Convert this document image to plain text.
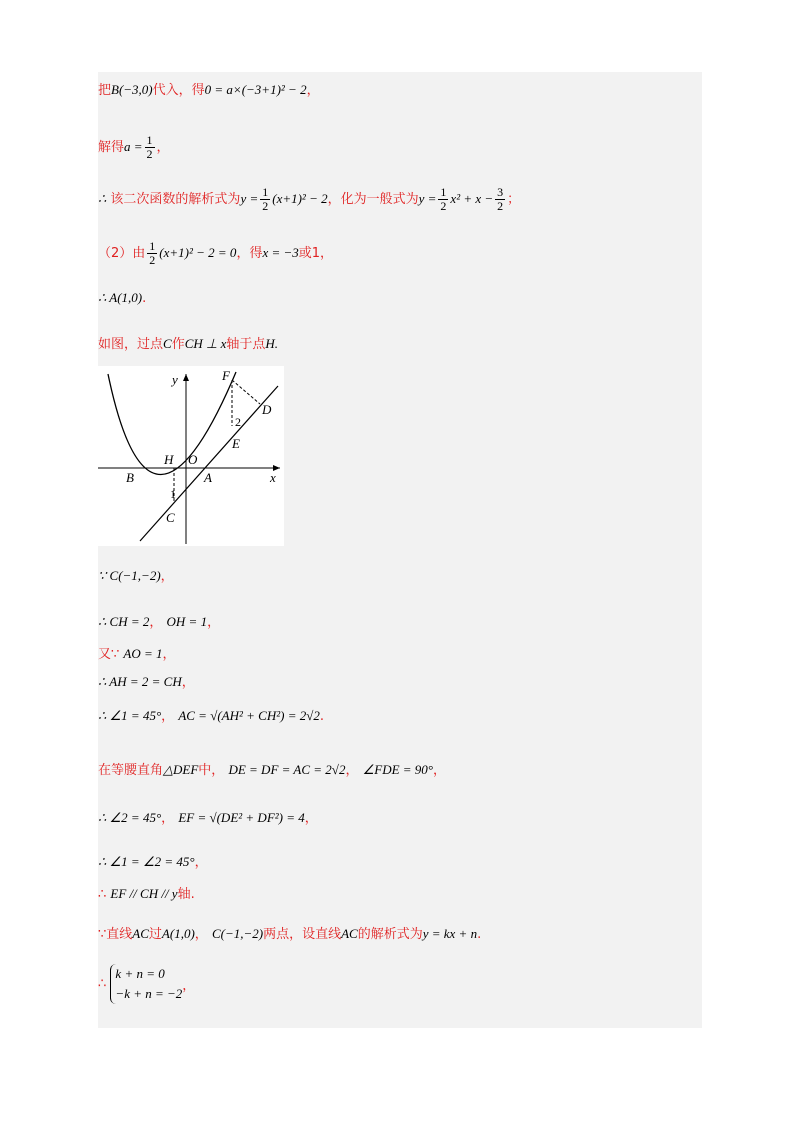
把B(−3,0)代入，得0 = a×(−3+1)² − 2，
解得$a = \frac{1}{2}$ ，
∴ 该二次函数的解析式为$y = \frac{1}{2} (x+1)^2 - 2$，化为一般式为$y = \frac{1}{2} x^2 + x - \frac{3}{2}$ ；
（2）由 $\frac{1}{2} (x+1)^2 - 2 = 0$，得x = −3或1，
∴ A(1,0).
如图，过点C作CH ⊥ x轴于点H.
y
x
F
D
E
2
H O
A
B
1
C
∵ C(−1,−2)，
∴ CH = 2， OH = 1，
又∵ AO = 1，
∴ AH = 2 = CH，
∴ ∠1 = 45°， AC = √(AH² + CH²) = 2√2.
在等腰直角△DEF中， DE = DF = AC = 2√2， ∠FDE = 90°，
∴ ∠2 = 45°， EF = √(DE² + DF²) = 4，
∴ ∠1 = ∠2 = 45°，
∴ EF // CH // y轴.
∵直线AC过A(1,0)， C(−1,−2)两点，设直线AC的解析式为y = kx + n.
∴
k + n = 0
−k + n = −2 ，
